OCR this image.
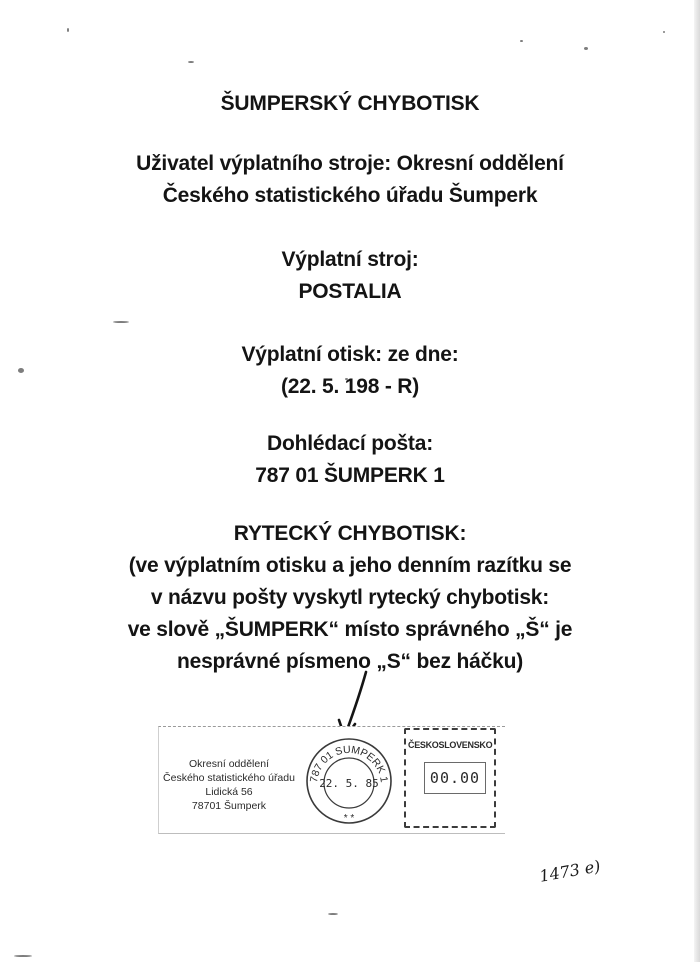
ŠUMPERSKÝ CHYBOTISK
Uživatel výplatního stroje: Okresní oddělení
Českého statistického úřadu Šumperk
Výplatní stroj:
POSTALIA
Výplatní otisk: ze dne:
(22. 5. 198 - R)
Dohlédací pošta:
787 01 ŠUMPERK 1
RYTECKÝ CHYBOTISK:
(ve výplatním otisku a jeho denním razítku se
v názvu pošty vyskytl rytecký chybotisk:
ve slově „ŠUMPERK“ místo správného „Š“ je
nesprávné písmeno „S“ bez háčku)
Okresní oddělení
Českého statistického úřadu
Lidická 56
78701 Šumperk
787 01 SUMPERK 1
22. 5. 85
* *
ČESKOSLOVENSKO
00.00
1473 e)
